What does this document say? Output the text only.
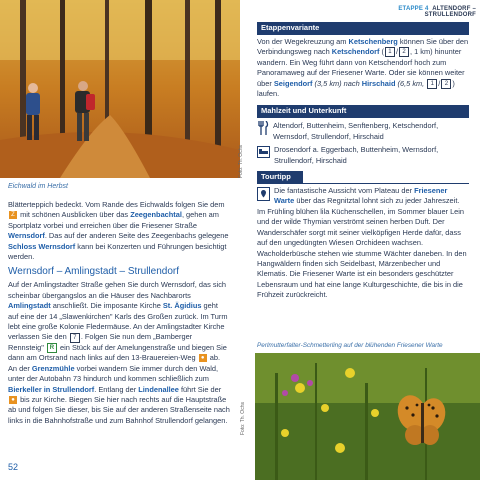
Foto: Th. Ochs
Eichwald im Herbst
ETAPPE 4 ALTENDORF – STRULLENDORF
Blätterteppich bedeckt. Vom Rande des Eichwalds folgen Sie dem Z mit schönen Ausblicken über das Zeegenbachtal, gehen am Sportplatz vorbei und erreichen über die Friesener Straße Wernsdorf. Das auf der anderen Seite des Zeegenbachs gelegene Schloss Wernsdorf kann bei Konzerten und Führungen besichtigt werden.
Wernsdorf – Amlingstadt – Strullendorf
Auf der Amlingstadter Straße gehen Sie durch Wernsdorf, das sich scheinbar übergangslos an die Häuser des Nachbarorts Amlingstadt anschließt. Die imposante Kirche St. Ägidius geht auf eine der 14 „Slawenkirchen" Karls des Großen zurück. Im Turm lebt eine große Kolonie Fledermäuse. An der Amlingstadter Kirche verlassen Sie den 7 . Folgen Sie nun dem „Bamberger Rennsteig" R ein Stück auf der Amelungenstraße und biegen Sie dann am Ortsrand nach links auf den 13-Brauereien-Weg ● ab. An der Grenzmühle vorbei wandern Sie immer durch den Wald, unter der Autobahn 73 hindurch und kommen schließlich zum Bierkeller in Strullendorf. Entlang der Lindenallee führt Sie der ● bis zur Kirche. Biegen Sie hier nach rechts auf die Hauptstraße ab und folgen Sie dieser, bis Sie auf der anderen Straßenseite nach links in die Bahnhofstraße und zum Bahnhof Strullendorf gelangen.
52
Etappenvariante
Von der Wegekreuzung am Ketschenberg können Sie über den Verbindungsweg nach Ketschendorf ( 1 / 2 , 1 km) hinunter wandern. Ein Weg führt dann von Ketschendorf hoch zum Panoramaweg auf der Friesener Warte. Oder sie können weiter über Seigendorf (3,5 km) nach Hirschaid (6,5 km, 1 / 2 ) laufen.
Mahlzeit und Unterkunft
Altendorf, Buttenheim, Senftenberg, Ketschendorf, Wernsdorf, Strullendorf, Hirschaid
Drosendorf a. Eggerbach, Buttenheim, Wernsdorf, Strullendorf, Hirschaid
Tourtipp
Die fantastische Aussicht vom Plateau der Friesener Warte über das Regnitztal lohnt sich zu jeder Jahreszeit. Im Frühling blühen lila Küchenschellen, im Sommer blauer Lein und der wilde Thymian verströmt seinen herben Duft. Der Wanderschäfer sorgt mit seiner vielköpfigen Herde dafür, dass auf den ungedüngten Wiesen Orchideen wachsen. Wacholderbüsche stehen wie stumme Wächter daneben. In den Hangwäldern finden sich Seidelbast, Märzenbecher und Klematis. Die Friesener Warte ist ein besonders geschützter Lebensraum und hat eine lange Kulturgeschichte, die bis in die Frühzeit zurückreicht.
Perlmutterfalter-Schmetterling auf der blühenden Friesener Warte
Foto: Th. Ochs
